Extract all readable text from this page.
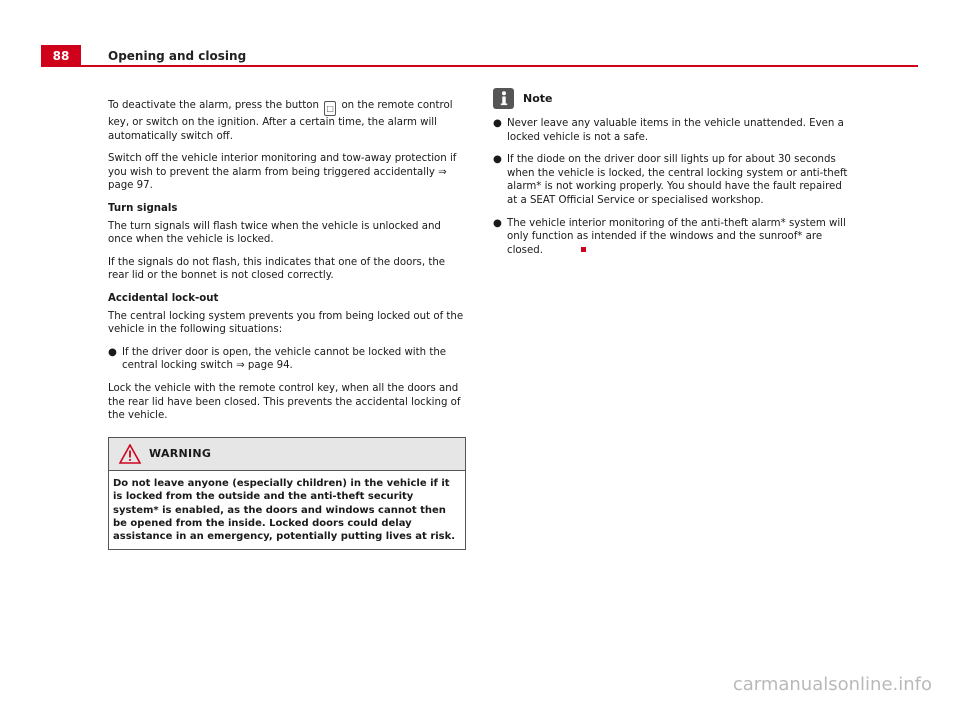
88	Opening and closing

To deactivate the alarm, press the button □ on the remote control key, or switch on the ignition. After a certain time, the alarm will automatically switch off.

Switch off the vehicle interior monitoring and tow-away protection if you wish to prevent the alarm from being triggered accidentally ⇒ page 97.

Turn signals

The turn signals will flash twice when the vehicle is unlocked and once when the vehicle is locked.

If the signals do not flash, this indicates that one of the doors, the rear lid or the bonnet is not closed correctly.

Accidental lock-out

The central locking system prevents you from being locked out of the vehicle in the following situations:

● If the driver door is open, the vehicle cannot be locked with the central locking switch ⇒ page 94.

Lock the vehicle with the remote control key, when all the doors and the rear lid have been closed. This prevents the accidental locking of the vehicle.

WARNING
Do not leave anyone (especially children) in the vehicle if it is locked from the outside and the anti-theft security system* is enabled, as the doors and windows cannot then be opened from the inside. Locked doors could delay assistance in an emergency, potentially putting lives at risk.
Note
● Never leave any valuable items in the vehicle unattended. Even a locked vehicle is not a safe.
● If the diode on the driver door sill lights up for about 30 seconds when the vehicle is locked, the central locking system or anti-theft alarm* is not working properly. You should have the fault repaired at a SEAT Official Service or specialised workshop.
● The vehicle interior monitoring of the anti-theft alarm* system will only function as intended if the windows and the sunroof* are closed.
carmanualsonline.info
